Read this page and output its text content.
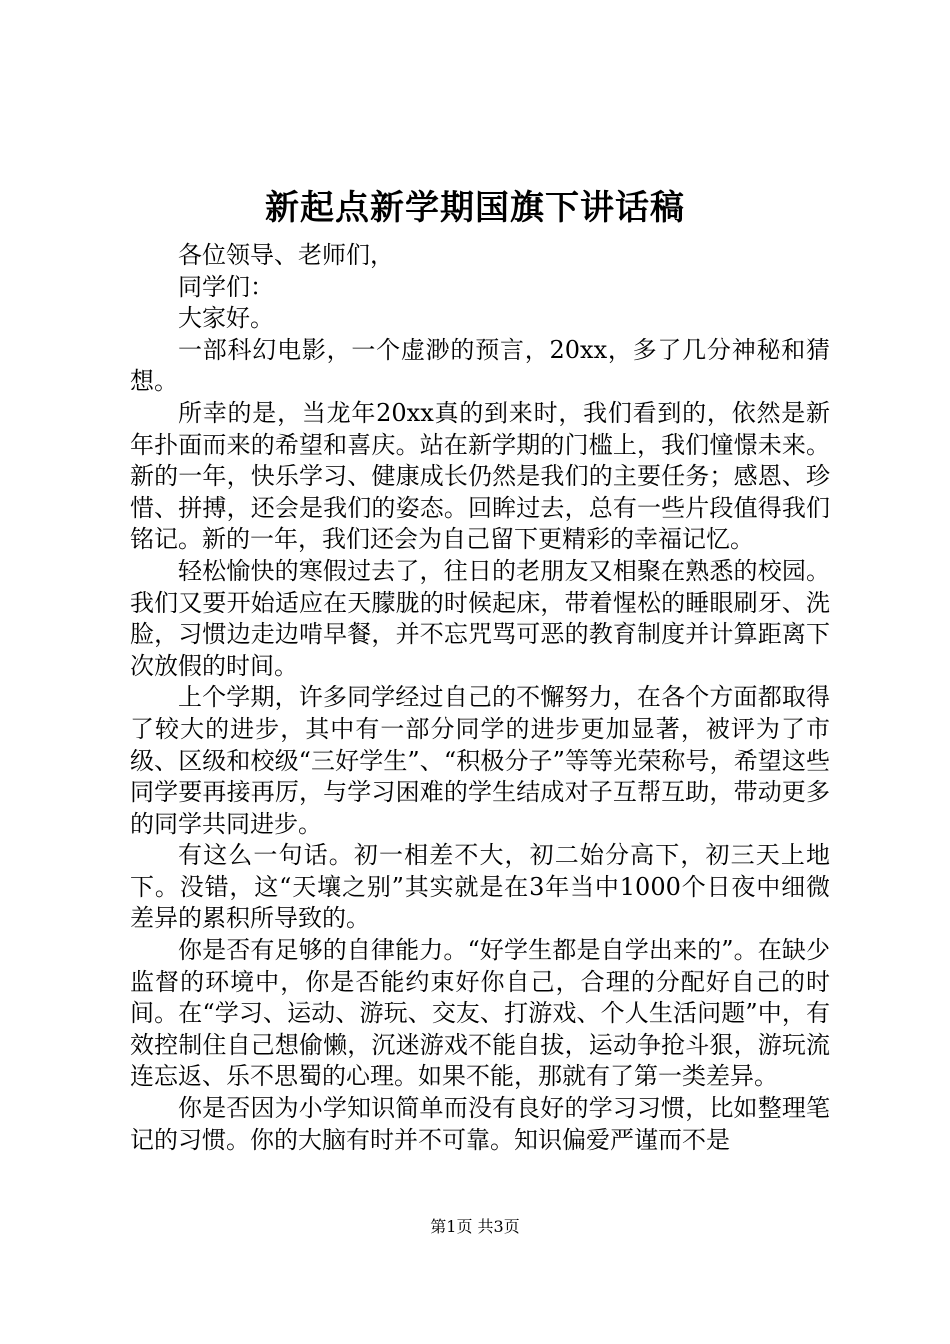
新起点新学期国旗下讲话稿

各位领导、老师们，

同学们：

大家好。

一部科幻电影，一个虚渺的预言，20xx，多了几分神秘和猜想。

所幸的是，当龙年20xx真的到来时，我们看到的，依然是新年扑面而来的希望和喜庆。站在新学期的门槛上，我们憧憬未来。新的一年，快乐学习、健康成长仍然是我们的主要任务；感恩、珍惜、拼搏，还会是我们的姿态。回眸过去，总有一些片段值得我们铭记。新的一年，我们还会为自己留下更精彩的幸福记忆。

轻松愉快的寒假过去了，往日的老朋友又相聚在熟悉的校园。我们又要开始适应在天朦胧的时候起床，带着惺松的睡眼刷牙、洗脸，习惯边走边啃早餐，并不忘咒骂可恶的教育制度并计算距离下次放假的时间。

上个学期，许多同学经过自己的不懈努力，在各个方面都取得了较大的进步，其中有一部分同学的进步更加显著，被评为了市级、区级和校级“三好学生”、“积极分子”等等光荣称号，希望这些同学要再接再厉，与学习困难的学生结成对子互帮互助，带动更多的同学共同进步。

有这么一句话。初一相差不大，初二始分高下，初三天上地下。没错，这“天壤之别”其实就是在3年当中1000个日夜中细微差异的累积所导致的。

你是否有足够的自律能力。“好学生都是自学出来的”。在缺少监督的环境中，你是否能约束好你自己，合理的分配好自己的时间。在“学习、运动、游玩、交友、打游戏、个人生活问题”中，有效控制住自己想偷懒，沉迷游戏不能自拔，运动争抢斗狠，游玩流连忘返、乐不思蜀的心理。如果不能，那就有了第一类差异。

你是否因为小学知识简单而没有良好的学习习惯，比如整理笔记的习惯。你的大脑有时并不可靠。知识偏爱严谨而不是

第1页 共3页
